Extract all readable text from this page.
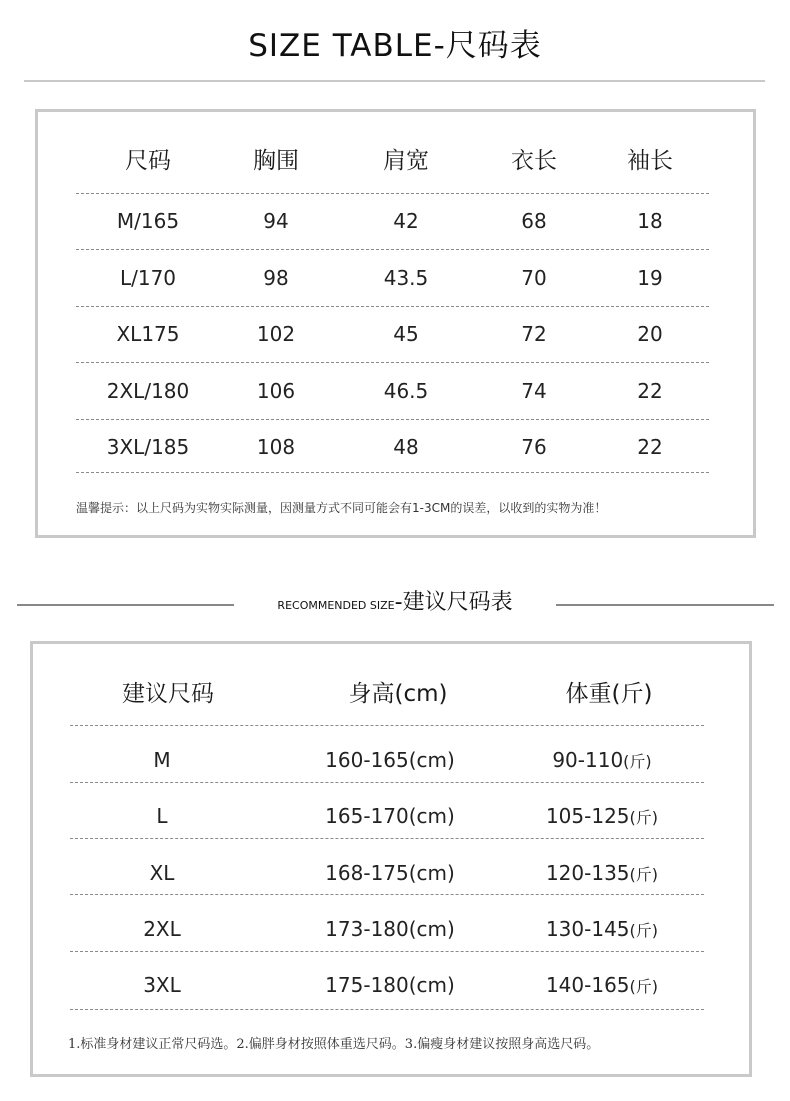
SIZE TABLE-尺码表
尺码	胸围	肩宽	衣长	袖长
M/165	94	42	68	18
L/170	98	43.5	70	19
XL175	102	45	72	20
2XL/180	106	46.5	74	22
3XL/185	108	48	76	22
温馨提示：以上尺码为实物实际测量，因测量方式不同可能会有1-3CM的误差，以收到的实物为准！
RECOMMENDED SIZE-建议尺码表
建议尺码	身高(cm)	体重(斤)
M	160-165(cm)	90-110(斤)
L	165-170(cm)	105-125(斤)
XL	168-175(cm)	120-135(斤)
2XL	173-180(cm)	130-145(斤)
3XL	175-180(cm)	140-165(斤)
1.标准身材建议正常尺码选。2.偏胖身材按照体重选尺码。3.偏瘦身材建议按照身高选尺码。
